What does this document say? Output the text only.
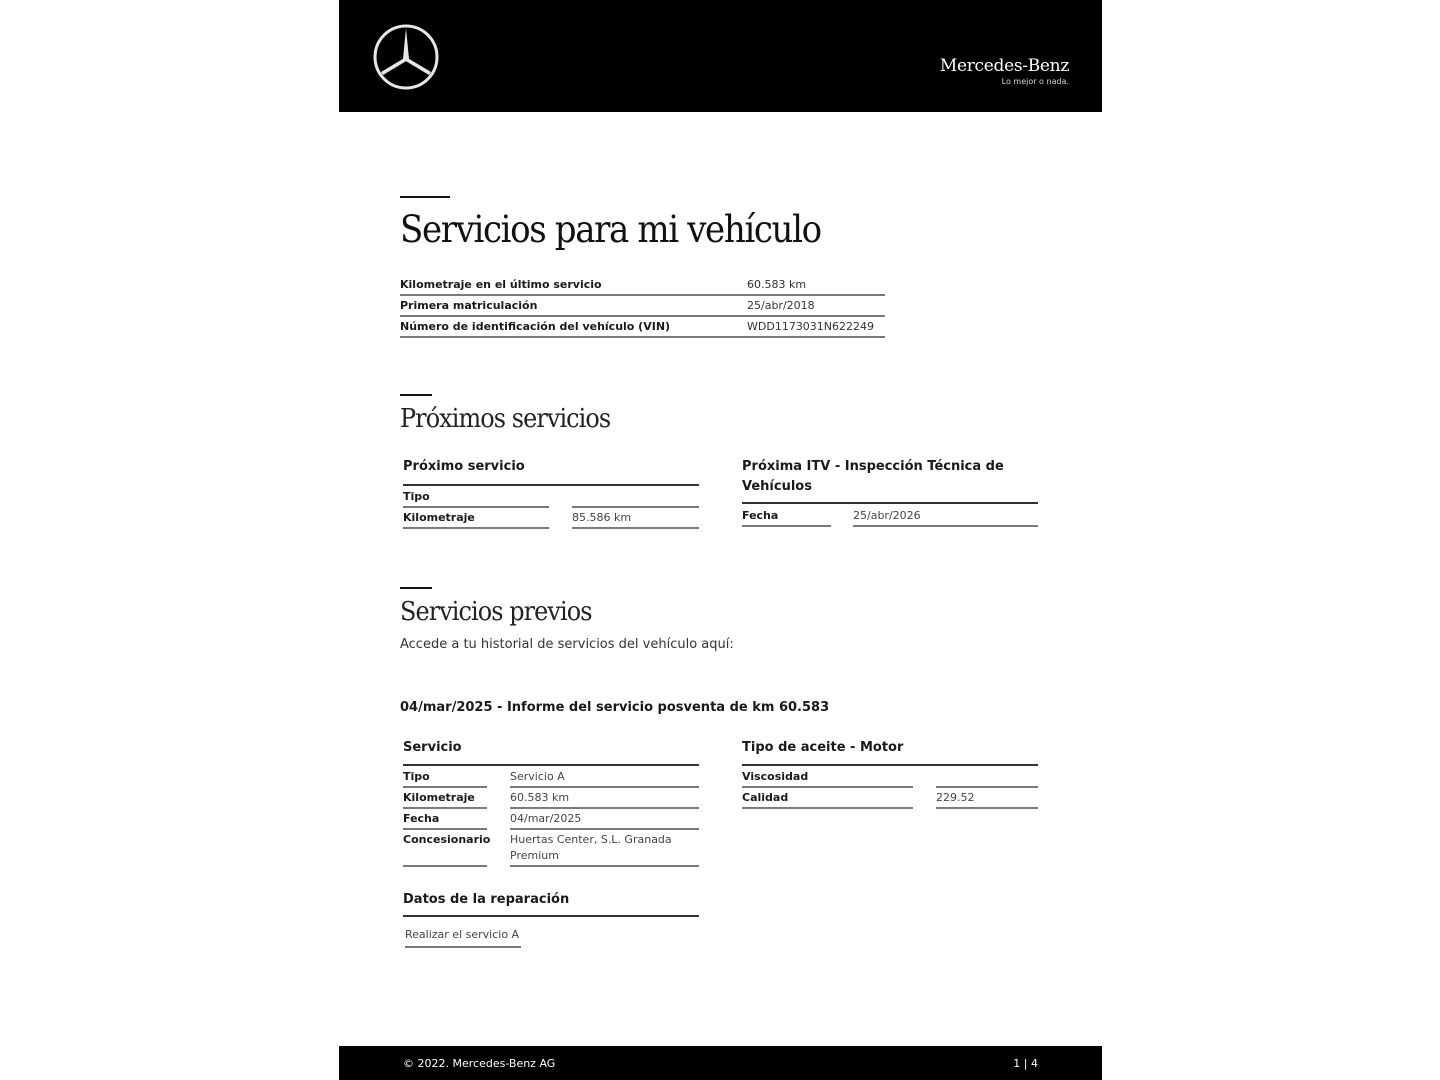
Mercedes-Benz
Lo mejor o nada.
Servicios para mi vehículo
Kilometraje en el último servicio	60.583 km
Primera matriculación	25/abr/2018
Número de identificación del vehículo (VIN)	WDD1173031N622249
Próximos servicios
Próximo servicio
Tipo
Kilometraje	85.586 km
Próxima ITV - Inspección Técnica de Vehículos
Fecha	25/abr/2026
Servicios previos
Accede a tu historial de servicios del vehículo aquí:
04/mar/2025 - Informe del servicio posventa de km 60.583
Servicio
Tipo	Servicio A
Kilometraje	60.583 km
Fecha	04/mar/2025
Concesionario Huertas Center, S.L. Granada Premium
Tipo de aceite - Motor
Viscosidad
Calidad	229.52
Datos de la reparación
Realizar el servicio A
© 2022. Mercedes-Benz AG	1 | 4
